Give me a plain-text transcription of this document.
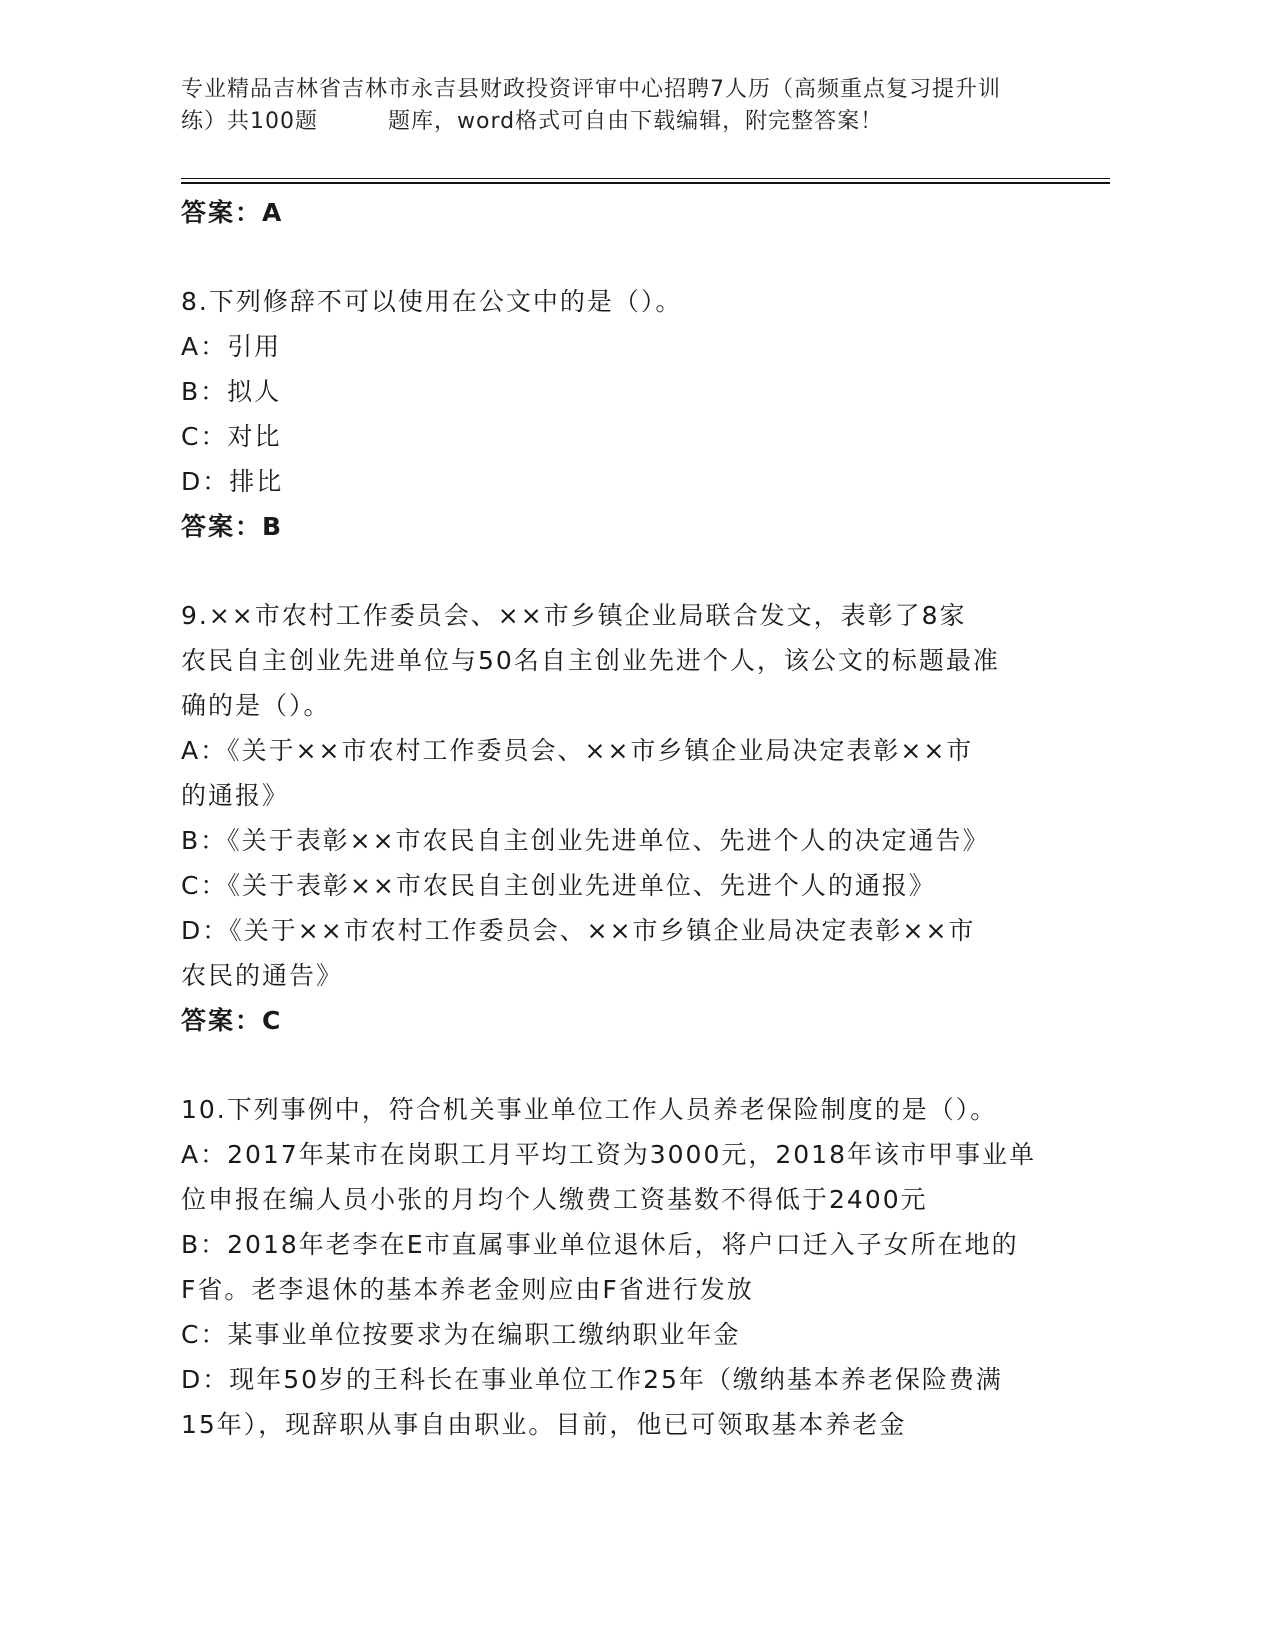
专业精品吉林省吉林市永吉县财政投资评审中心招聘7人历（高频重点复习提升训
练）共100题	题库，word格式可自由下载编辑，附完整答案！
答案：A
8.下列修辞不可以使用在公文中的是（）。
A：引用
B：拟人
C：对比
D：排比
答案：B
9.××市农村工作委员会、××市乡镇企业局联合发文，表彰了8家
农民自主创业先进单位与50名自主创业先进个人，该公文的标题最准
确的是（）。
A：《关于××市农村工作委员会、××市乡镇企业局决定表彰××市
的通报》
B：《关于表彰××市农民自主创业先进单位、先进个人的决定通告》
C：《关于表彰××市农民自主创业先进单位、先进个人的通报》
D：《关于××市农村工作委员会、××市乡镇企业局决定表彰××市
农民的通告》
答案：C
10.下列事例中，符合机关事业单位工作人员养老保险制度的是（）。
A：2017年某市在岗职工月平均工资为3000元，2018年该市甲事业单
位申报在编人员小张的月均个人缴费工资基数不得低于2400元
B：2018年老李在E市直属事业单位退休后，将户口迁入子女所在地的
F省。老李退休的基本养老金则应由F省进行发放
C：某事业单位按要求为在编职工缴纳职业年金
D：现年50岁的王科长在事业单位工作25年（缴纳基本养老保险费满
15年），现辞职从事自由职业。目前，他已可领取基本养老金
